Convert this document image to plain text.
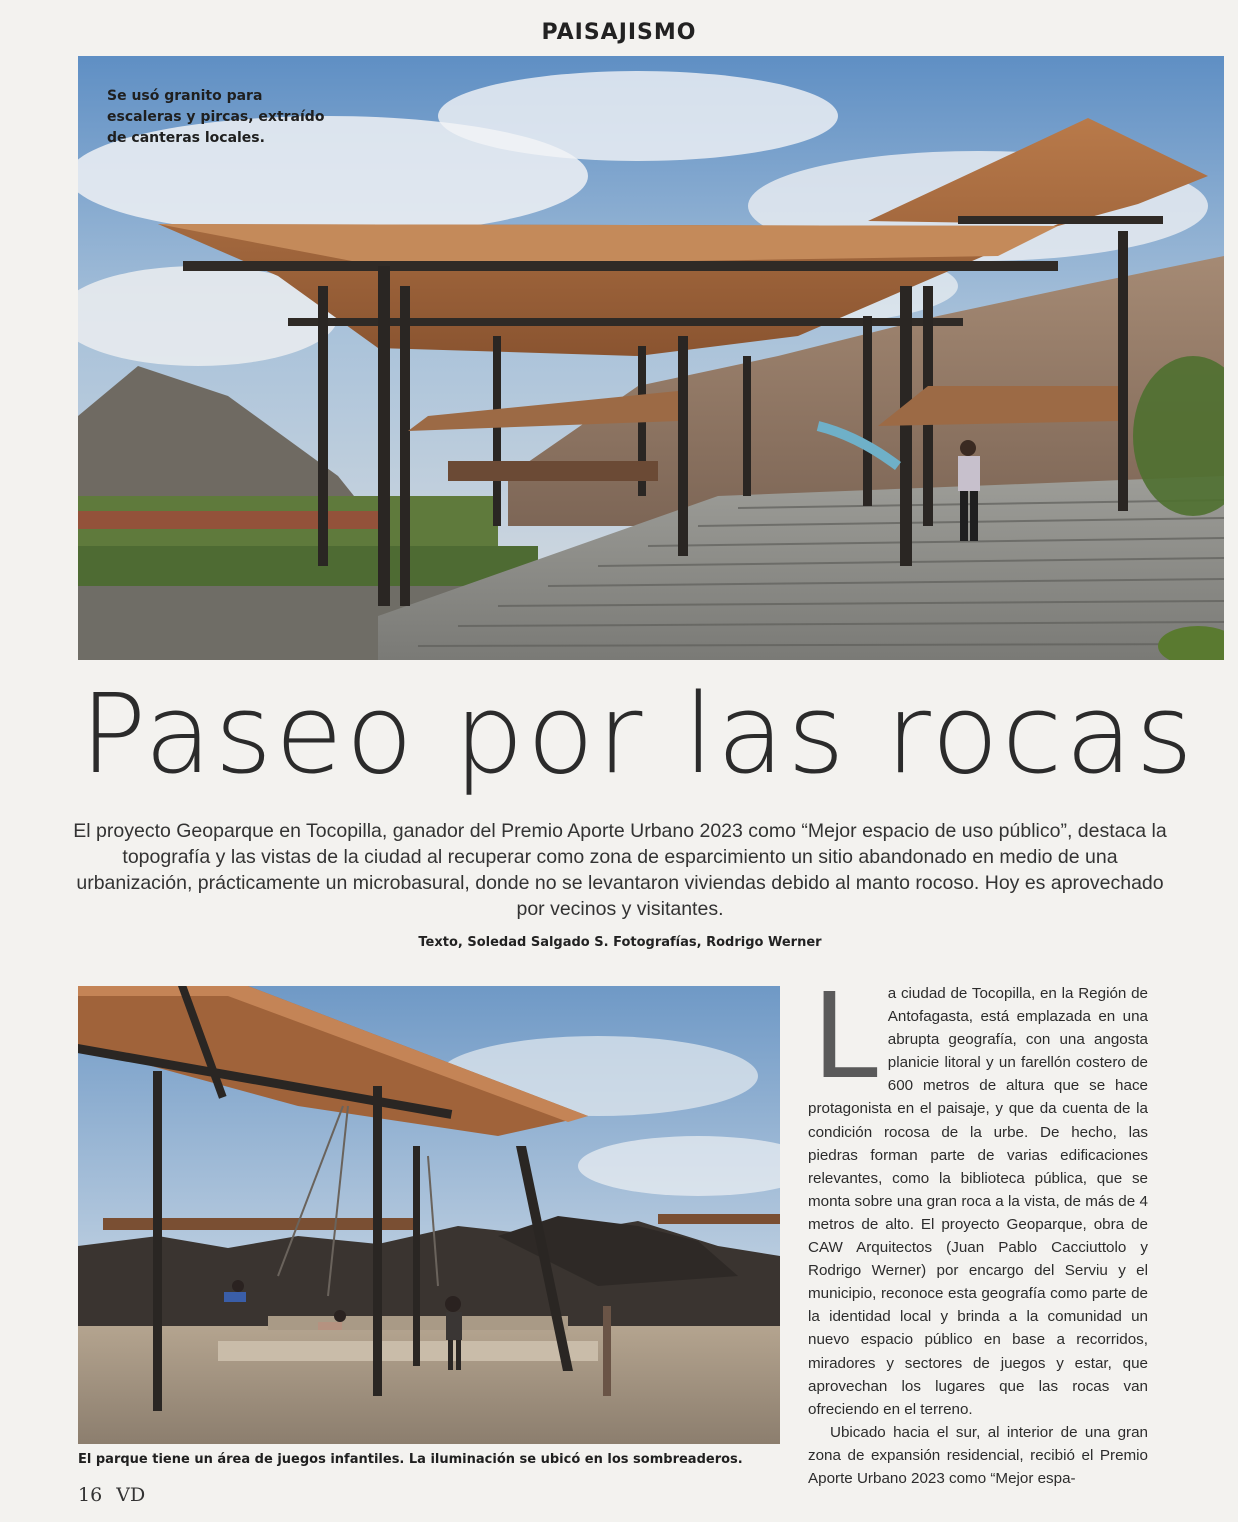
PAISAJISMO
Se usó granito para escaleras y pircas, extraído de canteras locales.
Paseo por las rocas
El proyecto Geoparque en Tocopilla, ganador del Premio Aporte Urbano 2023 como “Mejor espacio de uso público”, destaca la topografía y las vistas de la ciudad al recuperar como zona de esparcimiento un sitio abandonado en medio de una urbanización, prácticamente un microbasural, donde no se levantaron viviendas debido al manto rocoso. Hoy es aprovechado por vecinos y visitantes.
Texto, Soledad Salgado S. Fotografías, Rodrigo Werner
L a ciudad de Tocopilla, en la Región de Antofagasta, está emplazada en una abrupta geografía, con una angosta planicie litoral y un farellón costero de 600 metros de altura que se hace protagonista en el paisaje, y que da cuenta de la condición rocosa de la urbe. De hecho, las piedras forman parte de varias edificaciones relevantes, como la biblioteca pública, que se monta sobre una gran roca a la vista, de más de 4 metros de alto. El proyecto Geoparque, obra de CAW Arquitectos (Juan Pablo Cacciuttolo y Rodrigo Werner) por encargo del Serviu y el municipio, reconoce esta geografía como parte de la identidad local y brinda a la comunidad un nuevo espacio público en base a recorridos, miradores y sectores de juegos y estar, que aprovechan los lugares que las rocas van ofreciendo en el terreno.

Ubicado hacia el sur, al interior de una gran zona de expansión residencial, recibió el Premio Aporte Urbano 2023 como “Mejor espa-

El parque tiene un área de juegos infantiles. La iluminación se ubicó en los sombreaderos.
16 VD
